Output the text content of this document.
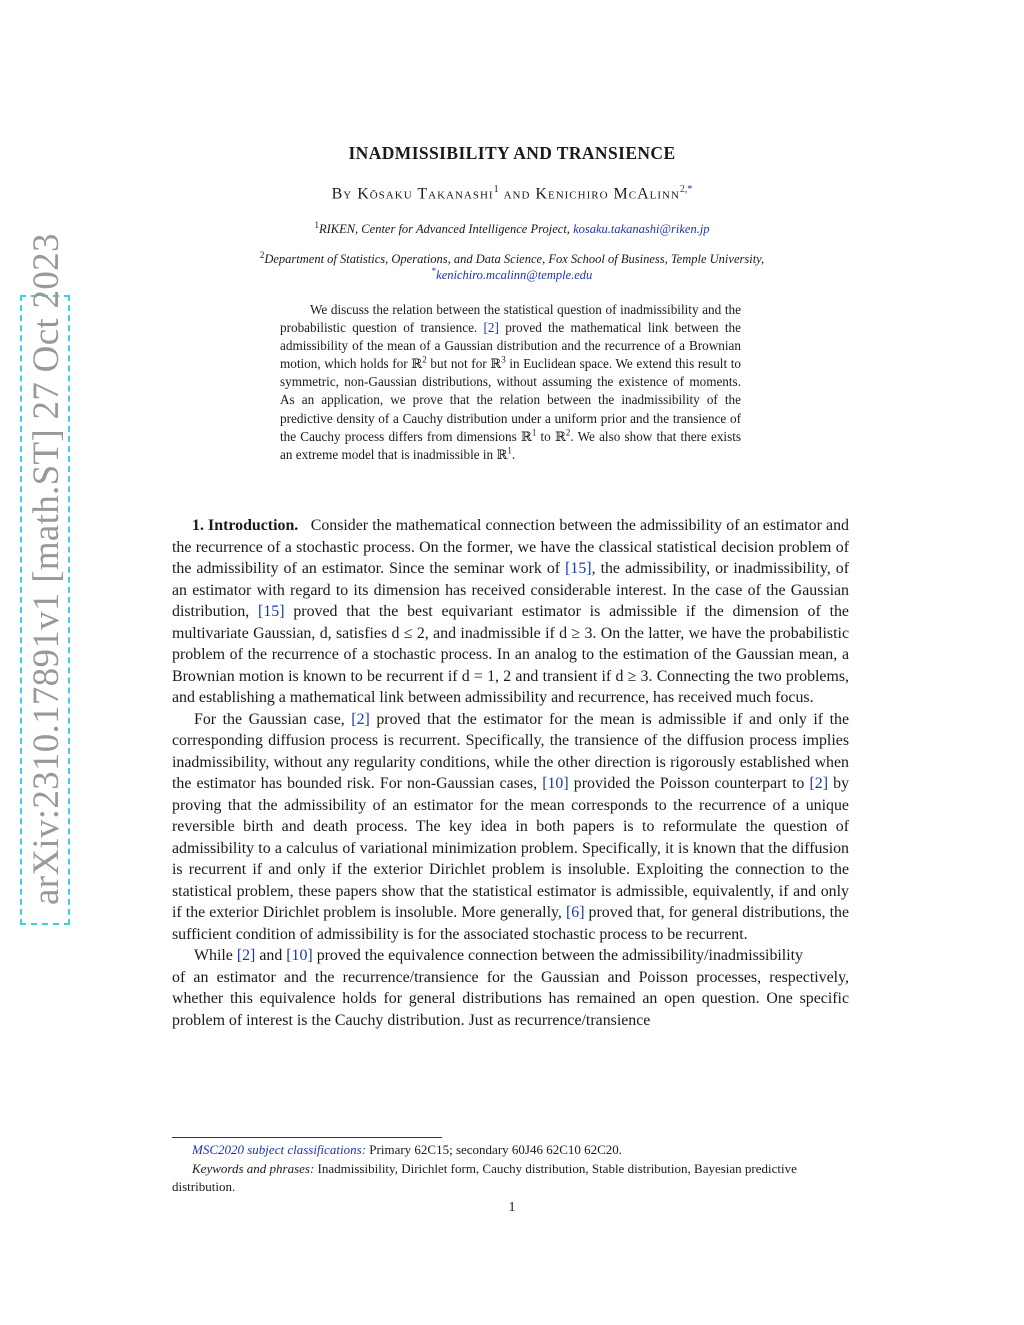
arXiv:2310.17891v1 [math.ST] 27 Oct 2023
INADMISSIBILITY AND TRANSIENCE
By Kōsaku Takanashi$^1$ and Kenichiro McAlinn$^{2,*}$
$^1$RIKEN, Center for Advanced Intelligence Project, kosaku.takanashi@riken.jp
$^2$Department of Statistics, Operations, and Data Science, Fox School of Business, Temple University,
*kenichiro.mcalinn@temple.edu

We discuss the relation between the statistical question of inadmissibility and the probabilistic question of transience. [2] proved the mathematical link between the admissibility of the mean of a Gaussian distribution and the recurrence of a Brownian motion, which holds for ℝ$^2$ but not for ℝ$^3$ in Euclidean space. We extend this result to symmetric, non-Gaussian distributions, without assuming the existence of moments. As an application, we prove that the relation between the inadmissibility of the predictive density of a Cauchy distribution under a uniform prior and the transience of the Cauchy process differs from dimensions ℝ$^1$ to ℝ$^2$. We also show that there exists an extreme model that is inadmissible in ℝ$^1$.

1. Introduction. Consider the mathematical connection between the admissibility of an estimator and the recurrence of a stochastic process. On the former, we have the classical statistical decision problem of the admissibility of an estimator. Since the seminar work of [15], the admissibility, or inadmissibility, of an estimator with regard to its dimension has received considerable interest. In the case of the Gaussian distribution, [15] proved that the best equivariant estimator is admissible if the dimension of the multivariate Gaussian, d, satisfies d ≤ 2, and inadmissible if d ≥ 3. On the latter, we have the probabilistic problem of the recurrence of a stochastic process. In an analog to the estimation of the Gaussian mean, a Brownian motion is known to be recurrent if d = 1, 2 and transient if d ≥ 3. Connecting the two problems, and establishing a mathematical link between admissibility and recurrence, has received much focus.

For the Gaussian case, [2] proved that the estimator for the mean is admissible if and only if the corresponding diffusion process is recurrent. Specifically, the transience of the diffusion process implies inadmissibility, without any regularity conditions, while the other direction is rigorously established when the estimator has bounded risk. For non-Gaussian cases, [10] provided the Poisson counterpart to [2] by proving that the admissibility of an estimator for the mean corresponds to the recurrence of a unique reversible birth and death process. The key idea in both papers is to reformulate the question of admissibility to a calculus of variational minimization problem. Specifically, it is known that the diffusion is recurrent if and only if the exterior Dirichlet problem is insoluble. Exploiting the connection to the statistical problem, these papers show that the statistical estimator is admissible, equivalently, if and only if the exterior Dirichlet problem is insoluble. More generally, [6] proved that, for general distributions, the sufficient condition of admissibility is for the associated stochastic process to be recurrent.

While [2] and [10] proved the equivalence connection between the admissibility/inadmissibility

of an estimator and the recurrence/transience for the Gaussian and Poisson processes, respectively, whether this equivalence holds for general distributions has remained an open question. One specific problem of interest is the Cauchy distribution. Just as recurrence/transience

MSC2020 subject classifications: Primary 62C15; secondary 60J46 62C10 62C20.

Keywords and phrases: Inadmissibility, Dirichlet form, Cauchy distribution, Stable distribution, Bayesian predictive distribution.

1
